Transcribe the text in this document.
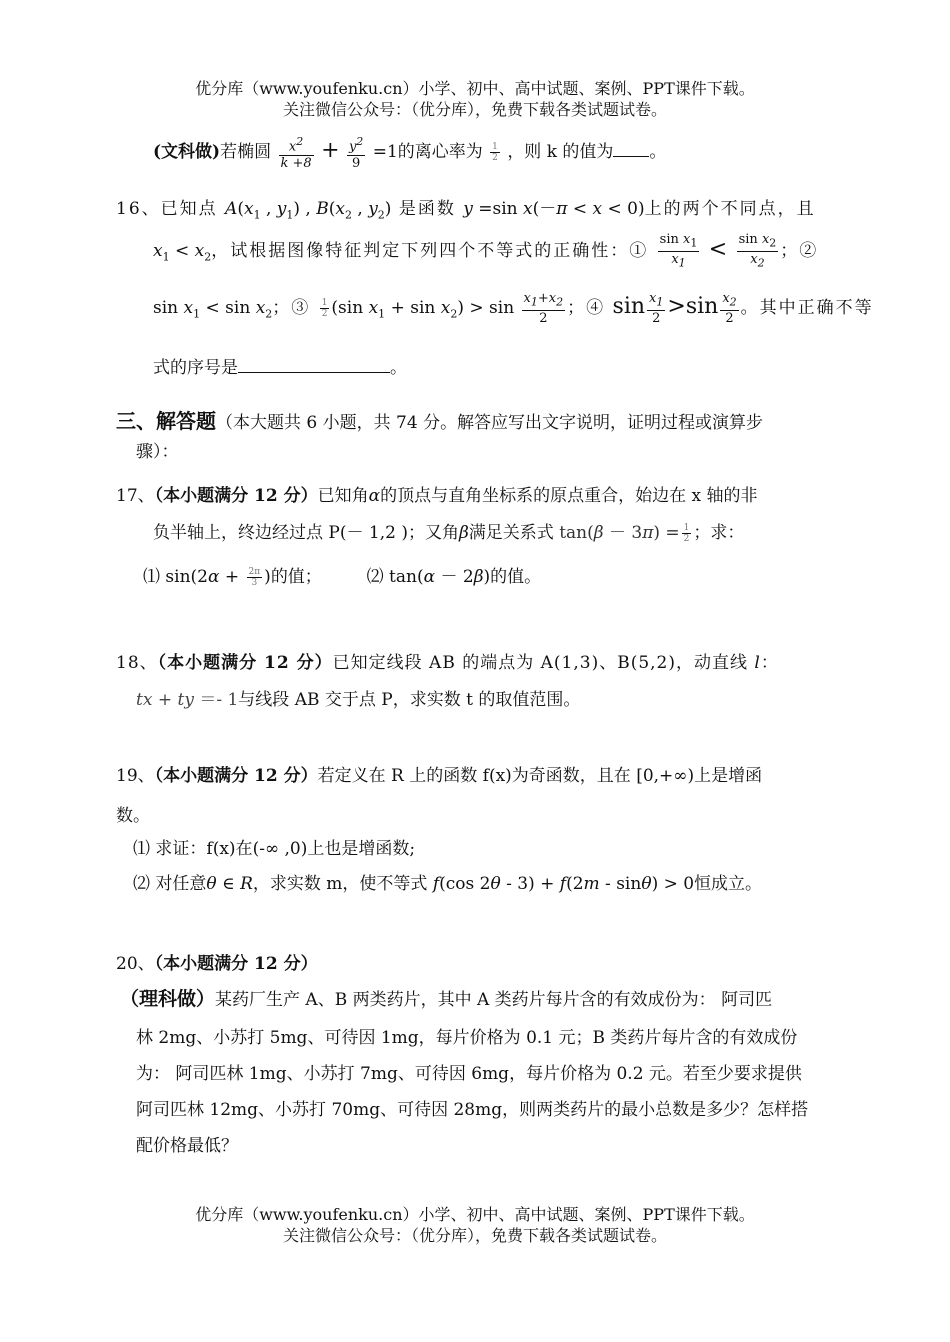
优分库（www.youfenku.cn）小学、初中、高中试题、案例、PPT课件下载。
关注微信公众号：（优分库），免费下载各类试题试卷。
(文科做)若椭圆 $\frac{x^2}{k +8} + \frac{y^2}{9} =1$的离心率为 $\frac{1}{2}$ ，则 k 的值为 。
16、已知点 $A(x_1$ , $y_1$) , $B(x_2$ , $y_2$) 是函数 y =sin x(－π < x < 0)上的两个不同点，且
$x_1 < x_2$，试根据图像特征判定下列四个不等式的正确性：① $\frac{\sin x_1}{x_1} < \frac{\sin x_2}{x_2}$ ；②
$\sin x_1 < \sin x_2$；③ $\frac{1}{2} (\sin$ $x_1 + \sin x_2) > \sin \frac{x_1+x_2}{2}$ ；④ $\sin \frac{x_1}{2} >\sin \frac{x_2}{2}$ 。其中正确不等
式的序号是	。
三、解答题（本大题共 6 小题，共 74 分。解答应写出文字说明，证明过程或演算步
骤）：
17、（本小题满分 12 分）已知角α的顶点与直角坐标系的原点重合，始边在 x 轴的非
负半轴上，终边经过点 P(－ 1,2 )；又角β满足关系式 $\tan(\beta - 3\pi) = \frac{1}{2}$ ；求：
⑴ $\sin(2\alpha + \frac{2\pi}{3}$ )的值；	⑵ tan(α － 2β)的值。
18、（本小题满分 12 分）已知定线段 AB 的端点为 A(1,3)、B(5,2)，动直线 l：
tx + ty ＝- 1与线段 AB 交于点 P，求实数 t 的取值范围。
19、（本小题满分 12 分）若定义在 R 上的函数 f(x)为奇函数，且在 [0,+∞)上是增函
数。
⑴ 求证：f(x)在(-∞ ,0)上也是增函数;
⑵ 对任意θ ∈ R，求实数 m，使不等式 f(cos 2θ - 3) + f(2m - sinθ) > 0恒成立。
20、（本小题满分 12 分）
（理科做）某药厂生产 A、B 两类药片，其中 A 类药片每片含的有效成份为： 阿司匹
林 2mg、小苏打 5mg、可待因 1mg，每片价格为 0.1 元；B 类药片每片含的有效成份
为： 阿司匹林 1mg、小苏打 7mg、可待因 6mg，每片价格为 0.2 元。若至少要求提供
阿司匹林 12mg、小苏打 70mg、可待因 28mg，则两类药片的最小总数是多少？怎样搭
配价格最低？
优分库（www.youfenku.cn）小学、初中、高中试题、案例、PPT课件下载。
关注微信公众号：（优分库），免费下载各类试题试卷。
